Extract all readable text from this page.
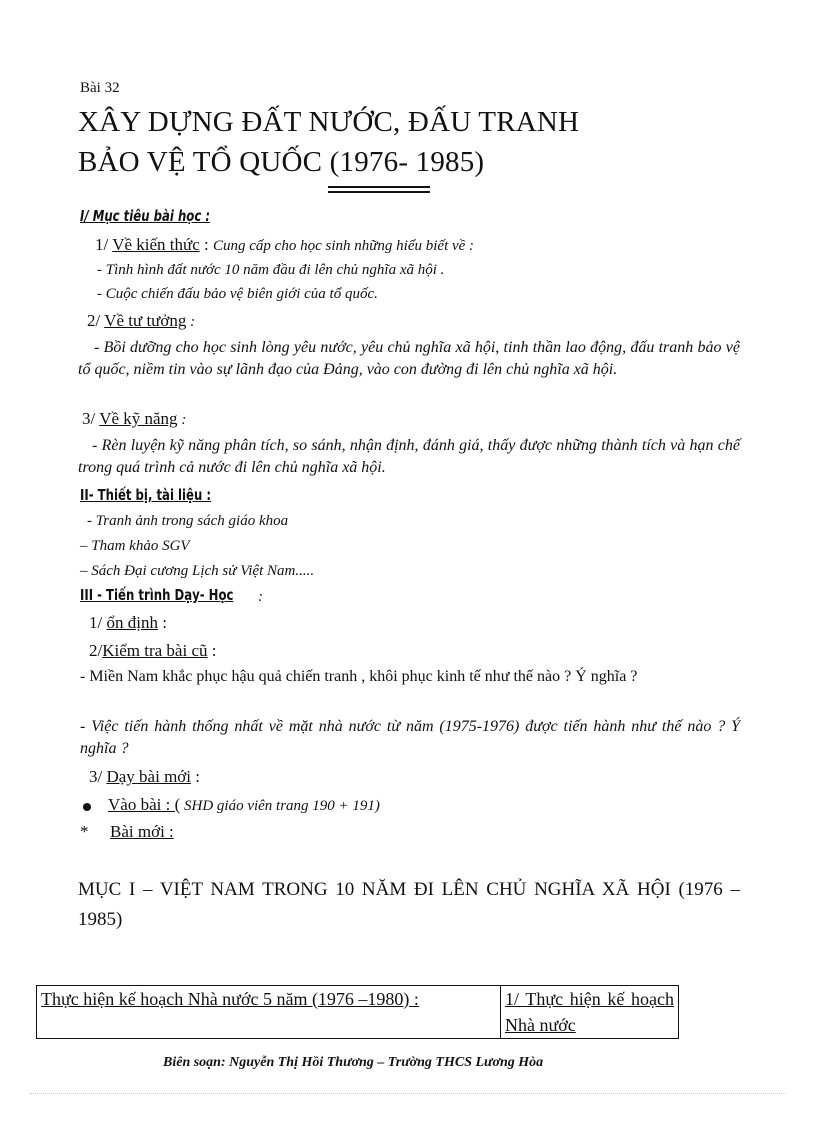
Bài 32
XÂY DỰNG ĐẤT NƯỚC, ĐẤU TRANH
BẢO VỆ TỔ QUỐC (1976- 1985)
I/ Mục tiêu bài học :
1/ Về kiến thức : Cung cấp cho học sinh những hiểu biết về :
- Tình hình đất nước 10 năm đầu đi lên chủ nghĩa xã hội .
- Cuộc chiến đấu bảo vệ biên giới của tổ quốc.
2/ Về tư tưởng :
- Bồi dưỡng cho học sinh lòng yêu nước, yêu chủ nghĩa xã hội, tinh thần lao động, đấu tranh bảo vệ tổ quốc, niềm tin vào sự lãnh đạo của Đảng, vào con đường đi lên chủ nghĩa xã hội.
3/ Về kỹ năng :
- Rèn luyện kỹ năng phân tích, so sánh, nhận định, đánh giá, thấy được những thành tích và hạn chế trong quá trình cả nước đi lên chủ nghĩa xã hội.
II- Thiết bị, tài liệu :
- Tranh ảnh trong sách giáo khoa
– Tham khảo SGV
– Sách Đại cương Lịch sử Việt Nam.....
III - Tiến trình Dạy- Học	:
1/ ổn định :
2/Kiểm tra bài cũ :
- Miền Nam khắc phục hậu quả chiến tranh , khôi phục kinh tế như thế nào ? Ý nghĩa ?
- Việc tiến hành thống nhất về mặt nhà nước từ năm (1975-1976) được tiến hành như thế nào ? Ý nghĩa ?
3/ Dạy bài mới :
Vào bài : ( SHD giáo viên trang 190 + 191)
* Bài mới :
MỤC I – VIỆT NAM TRONG 10 NĂM ĐI LÊN CHỦ NGHĨA XÃ HỘI (1976 –1985)
Thực hiện kế hoạch Nhà nước 5 năm (1976 –1980) :	1/ Thực hiện kế hoạch Nhà nước
Biên soạn: Nguyễn Thị Hồi Thương – Trường THCS Lương Hòa
